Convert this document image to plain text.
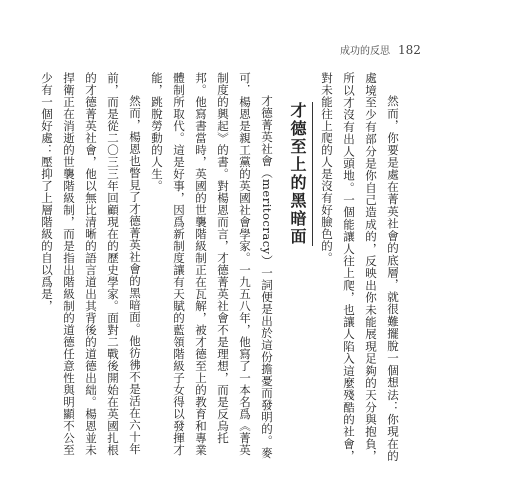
成功的反思 182

然而，你要是處在菁英社會的底層，就很難擺脫一個想法：你現在的處境至少有部分是你自己造成的，反映出你未能展現足夠的天分與抱負，所以才沒有出人頭地。一個能讓人往上爬，也讓人陷入這麼殘酷的社會，對未能往上爬的人是沒有好臉色的。

才德至上的黑暗面

才德菁英社會（meritocracy）一詞便是出於這份擔憂而發明的。麥可．楊恩是親工黨的英國社會學家。一九五八年，他寫了一本名爲《菁英制度的興起》的書。對楊恩而言，才德菁英社會不是理想，而是反烏托邦。他寫書當時，英國的世襲階級制正在瓦解，被才德至上的教育和專業體制所取代。這是好事，因爲新制度讓有天賦的藍領階級子女得以發揮才能，跳脫勞動的人生。

然而，楊恩也瞥見了才德菁英社會的黑暗面。他彷彿不是活在六十年前，而是從二〇三三年回顧現在的歷史學家。面對二戰後開始在英國扎根的才德菁英社會，他以無比清晰的語言道出其背後的道德出絀。楊恩並未捍衛正在消逝的世襲階級制，而是指出階級制的道德任意性與明顯不公至少有一個好處：壓抑了上層階級的自以爲是，
